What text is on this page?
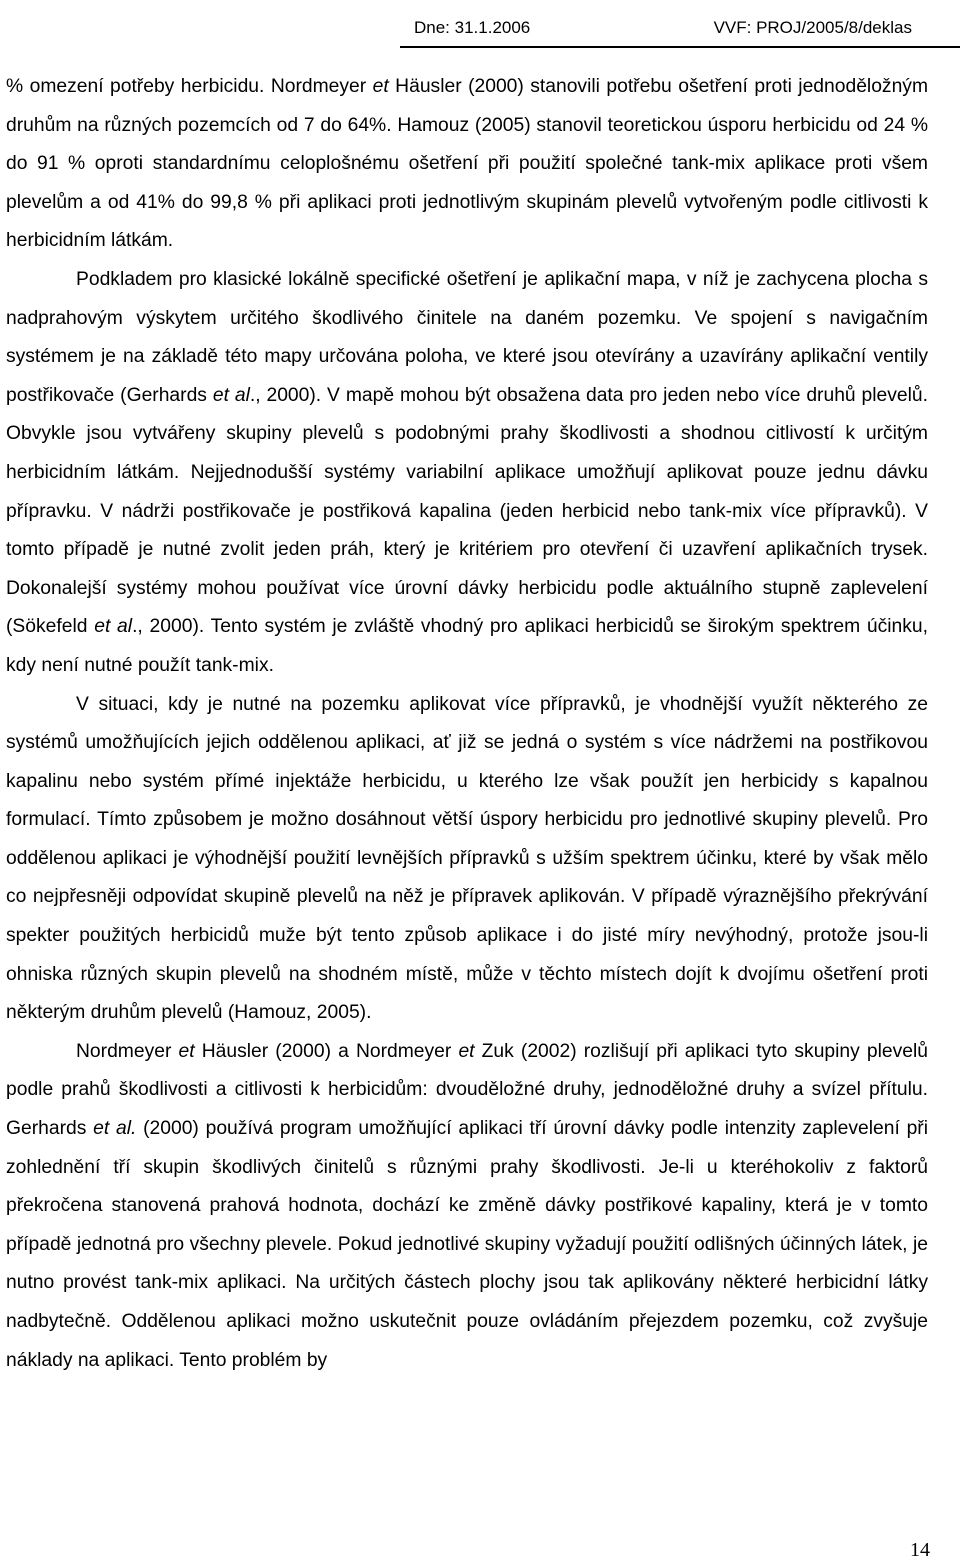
Dne: 31.1.2006	VVF: PROJ/2005/8/deklas

% omezení potřeby herbicidu. Nordmeyer et Häusler (2000) stanovili potřebu ošetření proti jednoděložným druhům na různých pozemcích od 7 do 64%. Hamouz (2005) stanovil teoretickou úsporu herbicidu od 24 % do 91 % oproti standardnímu celoplošnému ošetření při použití společné tank-mix aplikace proti všem plevelům a od 41% do 99,8 % při aplikaci proti jednotlivým skupinám plevelů vytvořeným podle citlivosti k herbicidním látkám.

Podkladem pro klasické lokálně specifické ošetření je aplikační mapa, v níž je zachycena plocha s nadprahovým výskytem určitého škodlivého činitele na daném pozemku. Ve spojení s navigačním systémem je na základě této mapy určována poloha, ve které jsou otevírány a uzavírány aplikační ventily postřikovače (Gerhards et al., 2000). V mapě mohou být obsažena data pro jeden nebo více druhů plevelů. Obvykle jsou vytvářeny skupiny plevelů s podobnými prahy škodlivosti a shodnou citlivostí k určitým herbicidním látkám. Nejjednodušší systémy variabilní aplikace umožňují aplikovat pouze jednu dávku přípravku. V nádrži postřikovače je postřiková kapalina (jeden herbicid nebo tank-mix více přípravků). V tomto případě je nutné zvolit jeden práh, který je kritériem pro otevření či uzavření aplikačních trysek. Dokonalejší systémy mohou používat více úrovní dávky herbicidu podle aktuálního stupně zaplevelení (Sökefeld et al., 2000). Tento systém je zvláště vhodný pro aplikaci herbicidů se širokým spektrem účinku, kdy není nutné použít tank-mix.

V situaci, kdy je nutné na pozemku aplikovat více přípravků, je vhodnější využít některého ze systémů umožňujících jejich oddělenou aplikaci, ať již se jedná o systém s více nádržemi na postřikovou kapalinu nebo systém přímé injektáže herbicidu, u kterého lze však použít jen herbicidy s kapalnou formulací. Tímto způsobem je možno dosáhnout větší úspory herbicidu pro jednotlivé skupiny plevelů. Pro oddělenou aplikaci je výhodnější použití levnějších přípravků s užším spektrem účinku, které by však mělo co nejpřesněji odpovídat skupině plevelů na něž je přípravek aplikován. V případě výraznějšího překrývání spekter použitých herbicidů muže být tento způsob aplikace i do jisté míry nevýhodný, protože jsou-li ohniska různých skupin plevelů na shodném místě, může v těchto místech dojít k dvojímu ošetření proti některým druhům plevelů (Hamouz, 2005).

Nordmeyer et Häusler (2000) a Nordmeyer et Zuk (2002) rozlišují při aplikaci tyto skupiny plevelů podle prahů škodlivosti a citlivosti k herbicidům: dvouděložné druhy, jednoděložné druhy a svízel přítulu. Gerhards et al. (2000) používá program umožňující aplikaci tří úrovní dávky podle intenzity zaplevelení při zohlednění tří skupin škodlivých činitelů s různými prahy škodlivosti. Je-li u kteréhokoliv z faktorů překročena stanovená prahová hodnota, dochází ke změně dávky postřikové kapaliny, která je v tomto případě jednotná pro všechny plevele. Pokud jednotlivé skupiny vyžadují použití odlišných účinných látek, je nutno provést tank-mix aplikaci. Na určitých částech plochy jsou tak aplikovány některé herbicidní látky nadbytečně. Oddělenou aplikaci možno uskutečnit pouze ovládáním přejezdem pozemku, což zvyšuje náklady na aplikaci. Tento problém by

14
